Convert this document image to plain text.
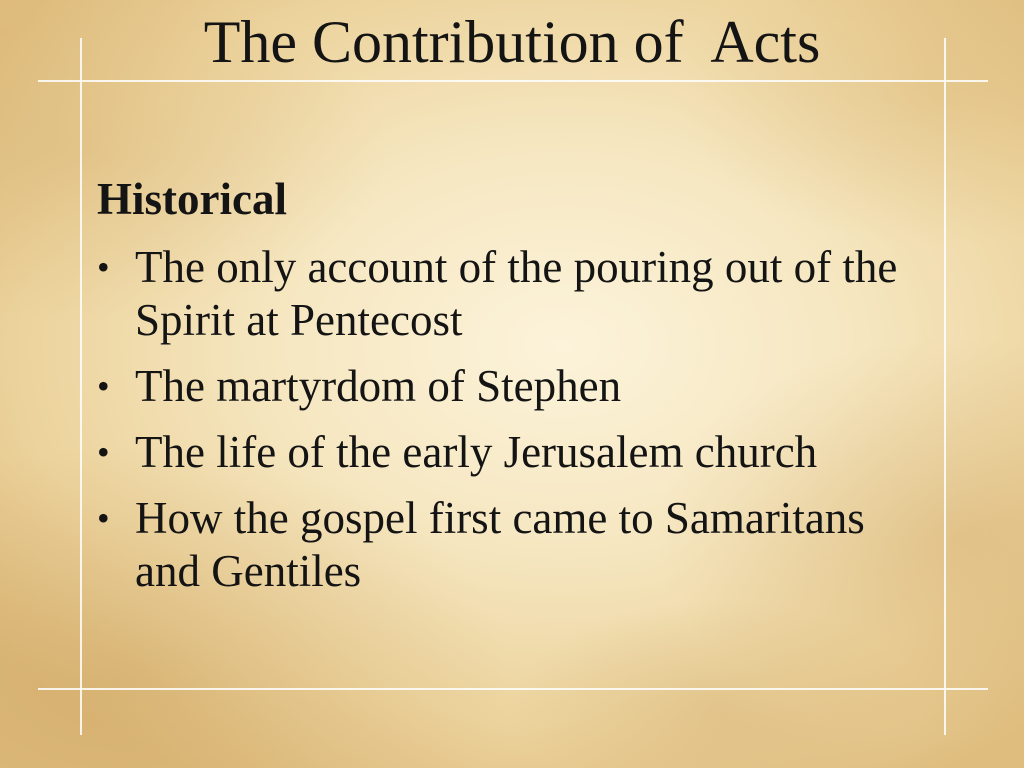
The Contribution of  Acts
Historical
• The only account of the pouring out of the Spirit at Pentecost
• The martyrdom of Stephen
• The life of the early Jerusalem church
• How the gospel first came to Samaritans and Gentiles
